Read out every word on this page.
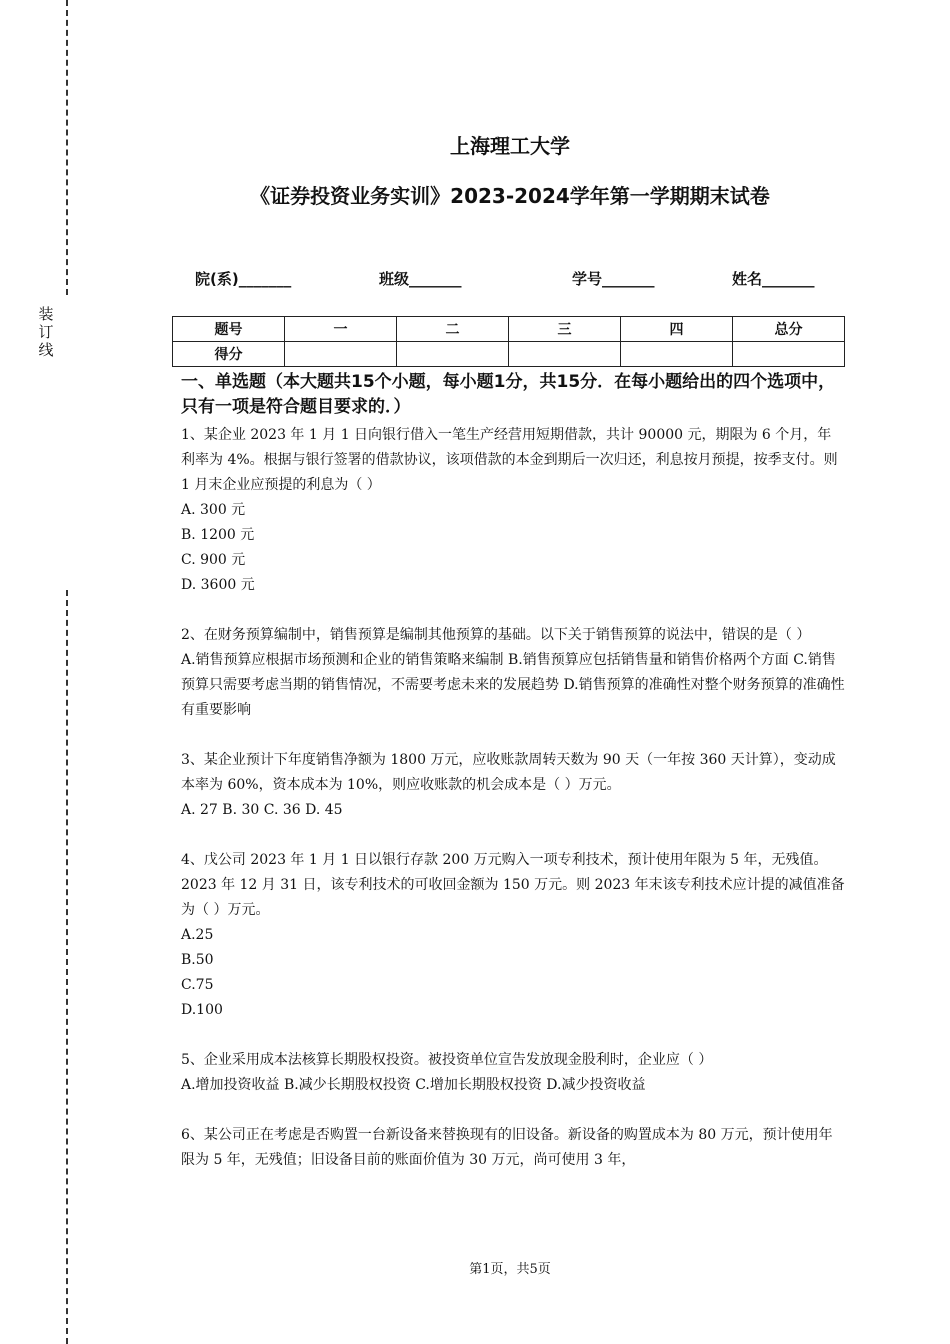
装订线
上海理工大学
《证券投资业务实训》2023-2024学年第一学期期末试卷
院(系)_______	班级_______	学号_______	姓名_______
题号	一	二	三	四	总分
得分					

一、单选题（本大题共15个小题，每小题1分，共15分．在每小题给出的四个选项中，只有一项是符合题目要求的．）

1、某企业 2023 年 1 月 1 日向银行借入一笔生产经营用短期借款，共计 90000 元，期限为 6 个月，年利率为 4%。根据与银行签署的借款协议，该项借款的本金到期后一次归还，利息按月预提，按季支付。则 1 月末企业应预提的利息为（ ）

A. 300 元

B. 1200 元

C. 900 元

D. 3600 元

2、在财务预算编制中，销售预算是编制其他预算的基础。以下关于销售预算的说法中，错误的是（ ）

A.销售预算应根据市场预测和企业的销售策略来编制 B.销售预算应包括销售量和销售价格两个方面 C.销售预算只需要考虑当期的销售情况，不需要考虑未来的发展趋势 D.销售预算的准确性对整个财务预算的准确性有重要影响

3、某企业预计下年度销售净额为 1800 万元，应收账款周转天数为 90 天（一年按 360 天计算），变动成本率为 60%，资本成本为 10%，则应收账款的机会成本是（ ）万元。

A. 27 B. 30 C. 36 D. 45

4、戊公司 2023 年 1 月 1 日以银行存款 200 万元购入一项专利技术，预计使用年限为 5 年，无残值。2023 年 12 月 31 日，该专利技术的可收回金额为 150 万元。则 2023 年末该专利技术应计提的减值准备为（ ）万元。

A.25

B.50

C.75

D.100

5、企业采用成本法核算长期股权投资。被投资单位宣告发放现金股利时，企业应（ ）

A.增加投资收益 B.减少长期股权投资 C.增加长期股权投资 D.减少投资收益

6、某公司正在考虑是否购置一台新设备来替换现有的旧设备。新设备的购置成本为 80 万元，预计使用年限为 5 年，无残值；旧设备目前的账面价值为 30 万元，尚可使用 3 年，

第1页，共5页
